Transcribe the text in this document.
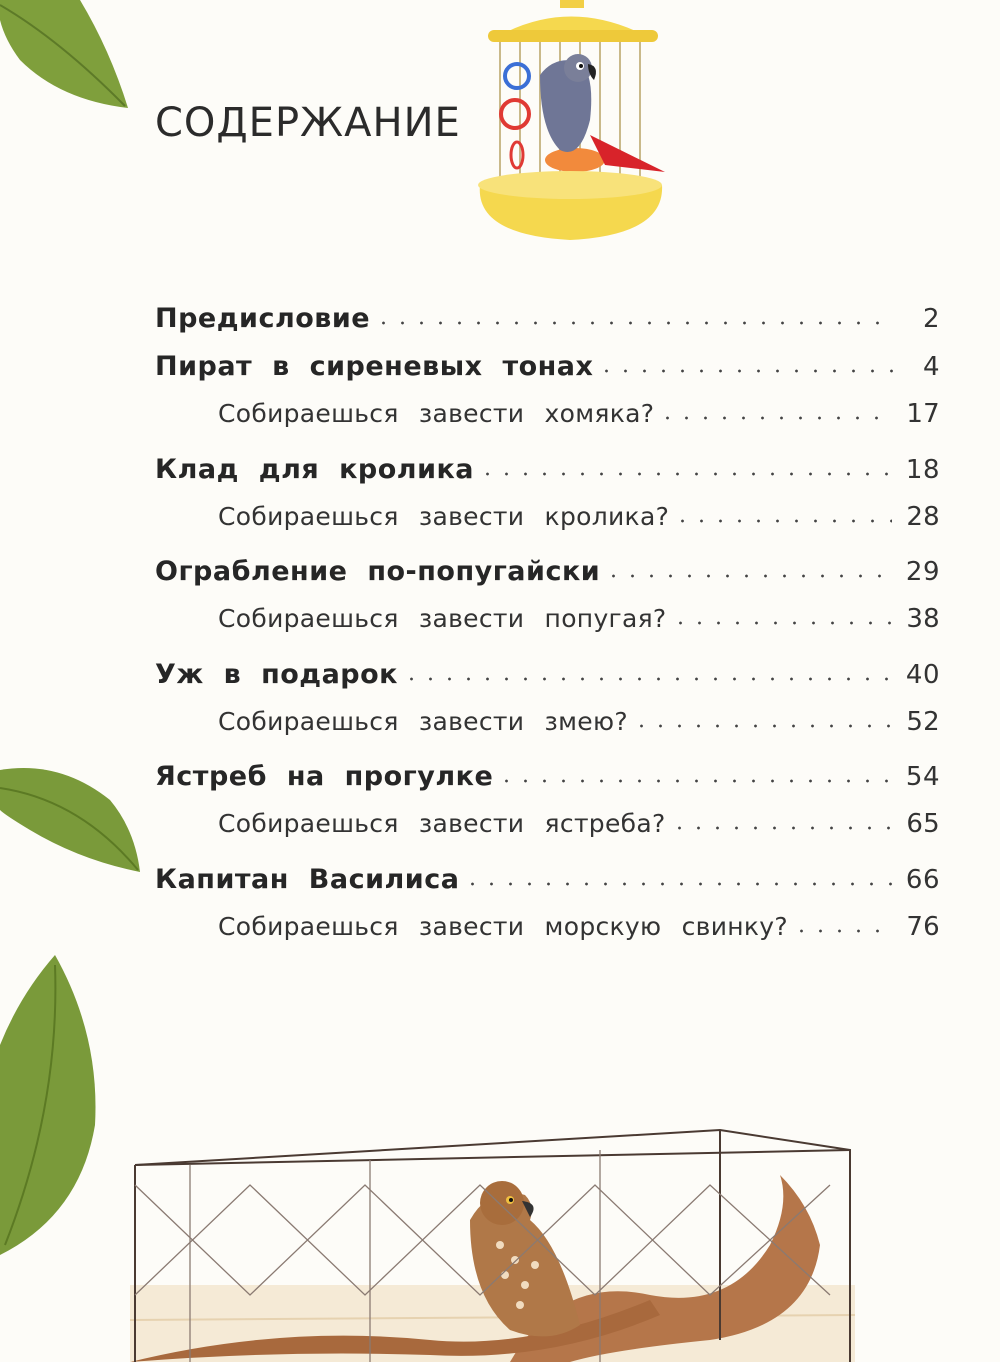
СОДЕРЖАНИЕ
Предисловие	2
Пират в сиреневых тонах	4
Собираешься завести хомяка?	17
Клад для кролика	18
Собираешься завести кролика?	28
Ограбление по-попугайски	29
Собираешься завести попугая?	38
Уж в подарок	40
Собираешься завести змею?	52
Ястреб на прогулке	54
Собираешься завести ястреба?	65
Капитан Василиса	66
Собираешься завести морскую свинку?	76
